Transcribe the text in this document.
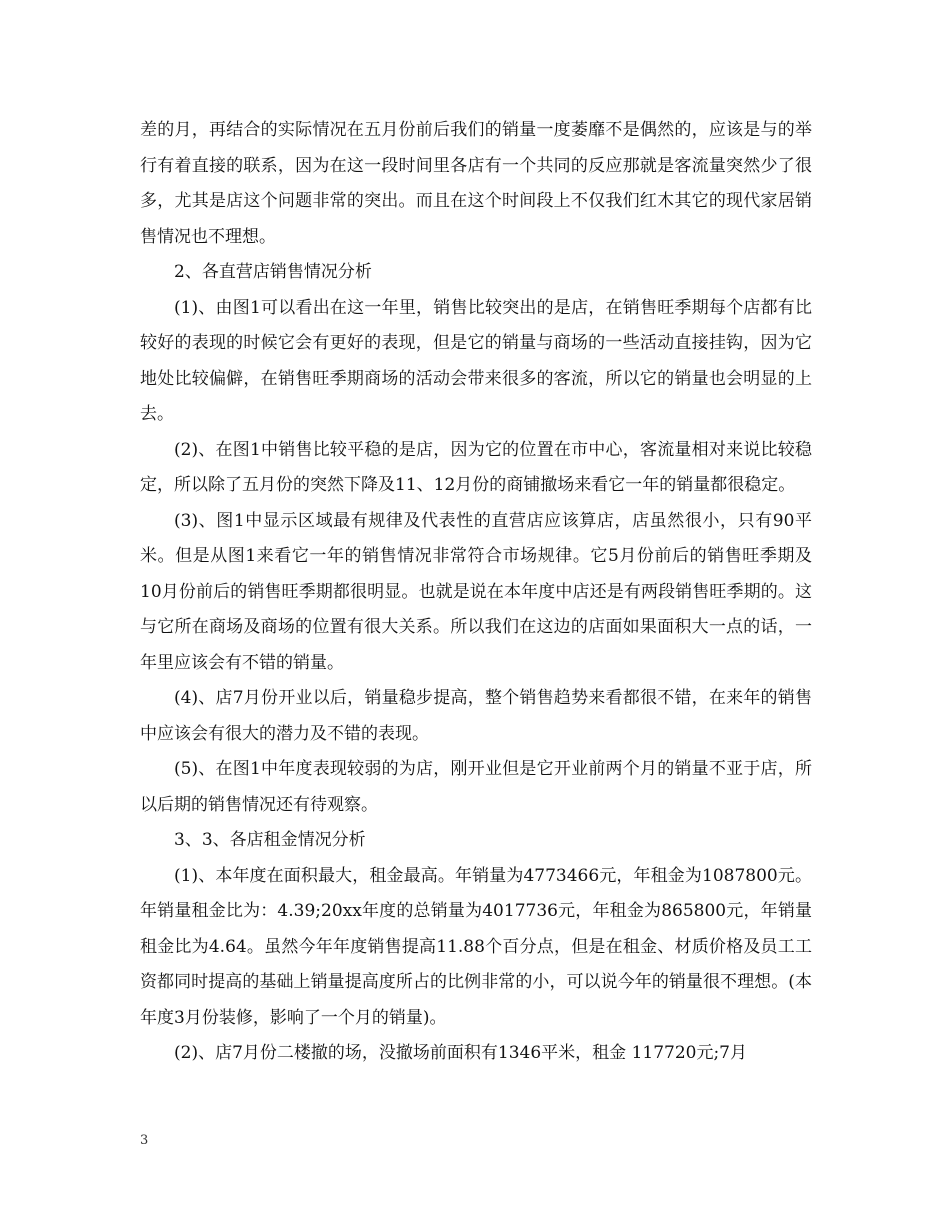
差的月，再结合的实际情况在五月份前后我们的销量一度萎靡不是偶然的，应该是与的举行有着直接的联系，因为在这一段时间里各店有一个共同的反应那就是客流量突然少了很多，尤其是店这个问题非常的突出。而且在这个时间段上不仅我们红木其它的现代家居销售情况也不理想。

2、各直营店销售情况分析

(1)、由图1可以看出在这一年里，销售比较突出的是店，在销售旺季期每个店都有比较好的表现的时候它会有更好的表现，但是它的销量与商场的一些活动直接挂钩，因为它地处比较偏僻，在销售旺季期商场的活动会带来很多的客流，所以它的销量也会明显的上去。

(2)、在图1中销售比较平稳的是店，因为它的位置在市中心，客流量相对来说比较稳定，所以除了五月份的突然下降及11、12月份的商铺撤场来看它一年的销量都很稳定。

(3)、图1中显示区域最有规律及代表性的直营店应该算店，店虽然很小，只有90平米。但是从图1来看它一年的销售情况非常符合市场规律。它5月份前后的销售旺季期及10月份前后的销售旺季期都很明显。也就是说在本年度中店还是有两段销售旺季期的。这与它所在商场及商场的位置有很大关系。所以我们在这边的店面如果面积大一点的话，一年里应该会有不错的销量。

(4)、店7月份开业以后，销量稳步提高，整个销售趋势来看都很不错，在来年的销售中应该会有很大的潜力及不错的表现。

(5)、在图1中年度表现较弱的为店，刚开业但是它开业前两个月的销量不亚于店，所以后期的销售情况还有待观察。

3、3、各店租金情况分析

(1)、本年度在面积最大，租金最高。年销量为4773466元，年租金为1087800元。年销量租金比为：4.39;20xx年度的总销量为4017736元，年租金为865800元，年销量租金比为4.64。虽然今年年度销售提高11.88个百分点，但是在租金、材质价格及员工工资都同时提高的基础上销量提高度所占的比例非常的小，可以说今年的销量很不理想。(本年度3月份装修，影响了一个月的销量)。

(2)、店7月份二楼撤的场，没撤场前面积有1346平米，租金 117720元;7月

3
